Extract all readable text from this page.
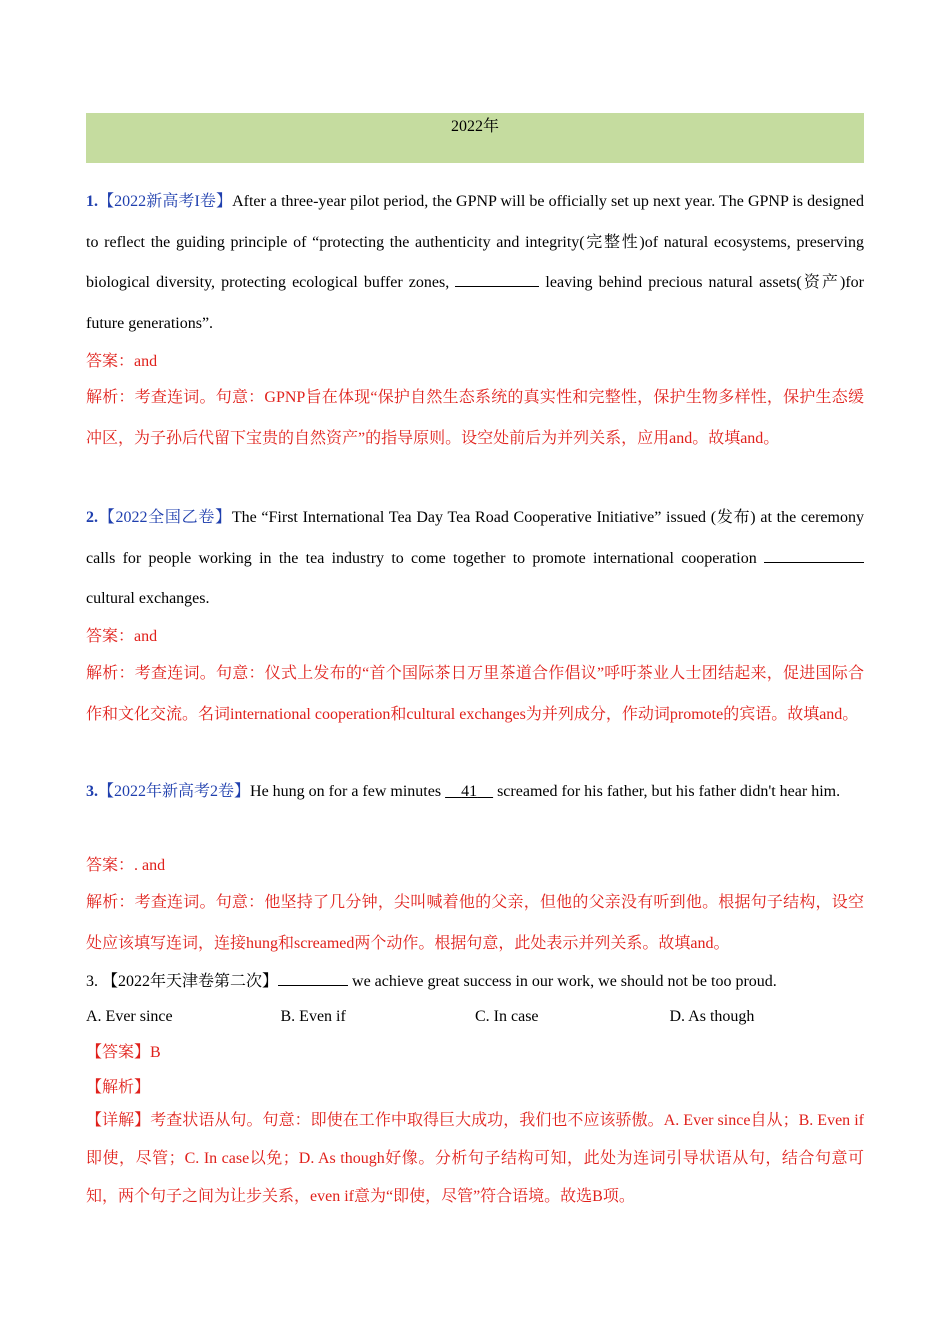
2022年
1.【2022新高考I卷】After a three-year pilot period, the GPNP will be officially set up next year. The GPNP is designed to reflect the guiding principle of “protecting the authenticity and integrity(完整性)of natural ecosystems, preserving biological diversity, protecting ecological buffer zones,	leaving behind precious natural assets(资产)for future generations”.
答案：and
解析：考查连词。句意：GPNP旨在体现“保护自然生态系统的真实性和完整性，保护生物多样性，保护生态缓冲区，为子孙后代留下宝贵的自然资产”的指导原则。设空处前后为并列关系，应用and。故填and。
2.【2022全国乙卷】The “First International Tea Day Tea Road Cooperative Initiative” issued (发布) at the ceremony calls for people working in the tea industry to come together to promote international cooperation  cultural exchanges.
答案：and
解析：考查连词。句意：仪式上发布的“首个国际茶日万里茶道合作倡议”呼吁茶业人士团结起来，促进国际合作和文化交流。名词international cooperation和cultural exchanges为并列成分，作动词promote的宾语。故填and。
3.【2022年新高考2卷】He hung on for a few minutes     41     screamed for his father, but his father didn't hear him.
答案：. and
解析：考查连词。句意：他坚持了几分钟，尖叫喊着他的父亲，但他的父亲没有听到他。根据句子结构，设空处应该填写连词，连接hung和screamed两个动作。根据句意，此处表示并列关系。故填and。
3. 【2022年天津卷第二次】	we achieve great success in our work, we should not be too proud.
A. Ever since	B. Even if	C. In case	D. As though
【答案】B
【解析】
【详解】考查状语从句。句意：即使在工作中取得巨大成功，我们也不应该骄傲。A. Ever since自从；B. Even if即使，尽管；C. In case以免；D. As though好像。分析句子结构可知，此处为连词引导状语从句，结合句意可知，两个句子之间为让步关系，even if意为“即使，尽管”符合语境。故选B项。
